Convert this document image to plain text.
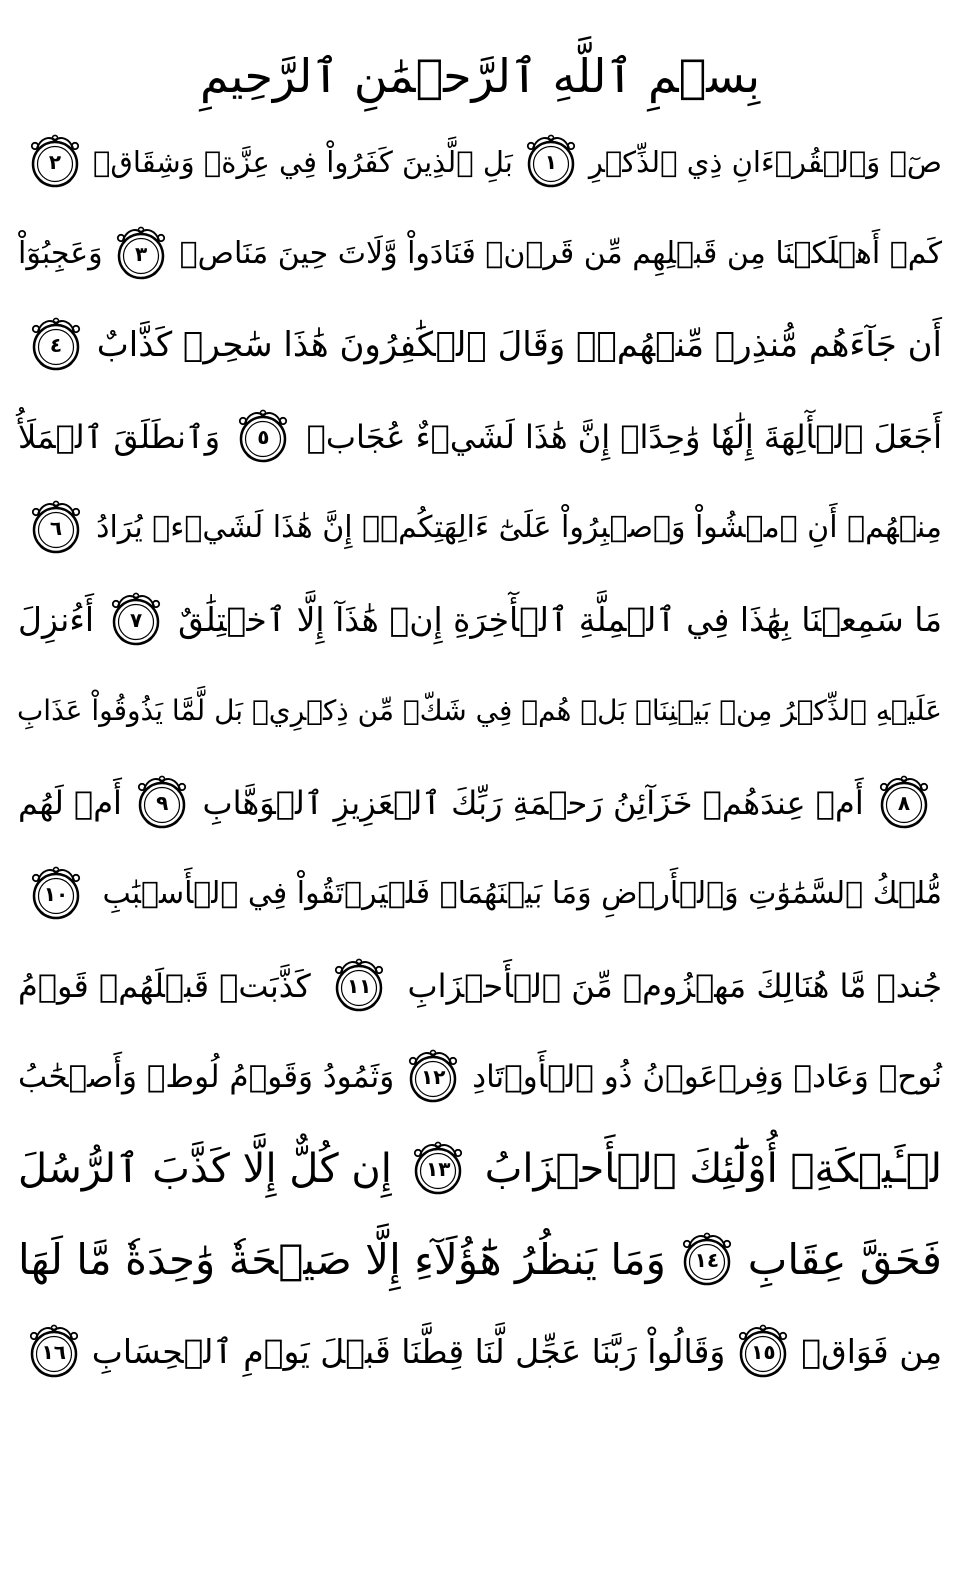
بِسۡمِ ٱللَّهِ ٱلرَّحۡمَٰنِ ٱلرَّحِيمِ
صٓۚ وَٱلۡقُرۡءَانِ ذِي ٱلذِّكۡرِ
١
بَلِ ٱلَّذِينَ كَفَرُواْ فِي عِزَّةٖ وَشِقَاقٖ
٢
كَمۡ أَهۡلَكۡنَا مِن قَبۡلِهِم مِّن قَرۡنٖ فَنَادَواْ وَّلَاتَ حِينَ مَنَاصٖ
٣
وَعَجِبُوٓاْ
أَن جَآءَهُم مُّنذِرٞ مِّنۡهُمۡۖ وَقَالَ ٱلۡكَٰفِرُونَ هَٰذَا سَٰحِرٞ كَذَّابٌ
٤
أَجَعَلَ ٱلۡأٓلِهَةَ إِلَٰهٗا وَٰحِدًاۖ إِنَّ هَٰذَا لَشَيۡءٌ عُجَابٞ
٥
وَٱنطَلَقَ ٱلۡمَلَأُ
مِنۡهُمۡ أَنِ ٱمۡشُواْ وَٱصۡبِرُواْ عَلَىٰٓ ءَالِهَتِكُمۡۖ إِنَّ هَٰذَا لَشَيۡءٞ يُرَادُ
٦
مَا سَمِعۡنَا بِهَٰذَا فِي ٱلۡمِلَّةِ ٱلۡأٓخِرَةِ إِنۡ هَٰذَآ إِلَّا ٱخۡتِلَٰقٌ
٧
أَءُنزِلَ
عَلَيۡهِ ٱلذِّكۡرُ مِنۢ بَيۡنِنَاۚ بَلۡ هُمۡ فِي شَكّٖ مِّن ذِكۡرِيۖ بَل لَّمَّا يَذُوقُواْ عَذَابِ
٨
أَمۡ عِندَهُمۡ خَزَآئِنُ رَحۡمَةِ رَبِّكَ ٱلۡعَزِيزِ ٱلۡوَهَّابِ
٩
أَمۡ لَهُم
مُّلۡكُ ٱلسَّمَٰوَٰتِ وَٱلۡأَرۡضِ وَمَا بَيۡنَهُمَاۖ فَلۡيَرۡتَقُواْ فِي ٱلۡأَسۡبَٰبِ
١٠
جُندٞ مَّا هُنَالِكَ مَهۡزُومٞ مِّنَ ٱلۡأَحۡزَابِ
١١
كَذَّبَتۡ قَبۡلَهُمۡ قَوۡمُ
نُوحٖ وَعَادٞ وَفِرۡعَوۡنُ ذُو ٱلۡأَوۡتَادِ
١٢
وَثَمُودُ وَقَوۡمُ لُوطٖ وَأَصۡحَٰبُ
لۡـَٔيۡكَةِۚ أُوْلَٰٓئِكَ ٱلۡأَحۡزَابُ
١٣
إِن كُلٌّ إِلَّا كَذَّبَ ٱلرُّسُلَ
فَحَقَّ عِقَابِ
١٤
وَمَا يَنظُرُ هَٰٓؤُلَآءِ إِلَّا صَيۡحَةٗ وَٰحِدَةٗ مَّا لَهَا
مِن فَوَاقٖ
١٥
وَقَالُواْ رَبَّنَا عَجِّل لَّنَا قِطَّنَا قَبۡلَ يَوۡمِ ٱلۡحِسَابِ
١٦
